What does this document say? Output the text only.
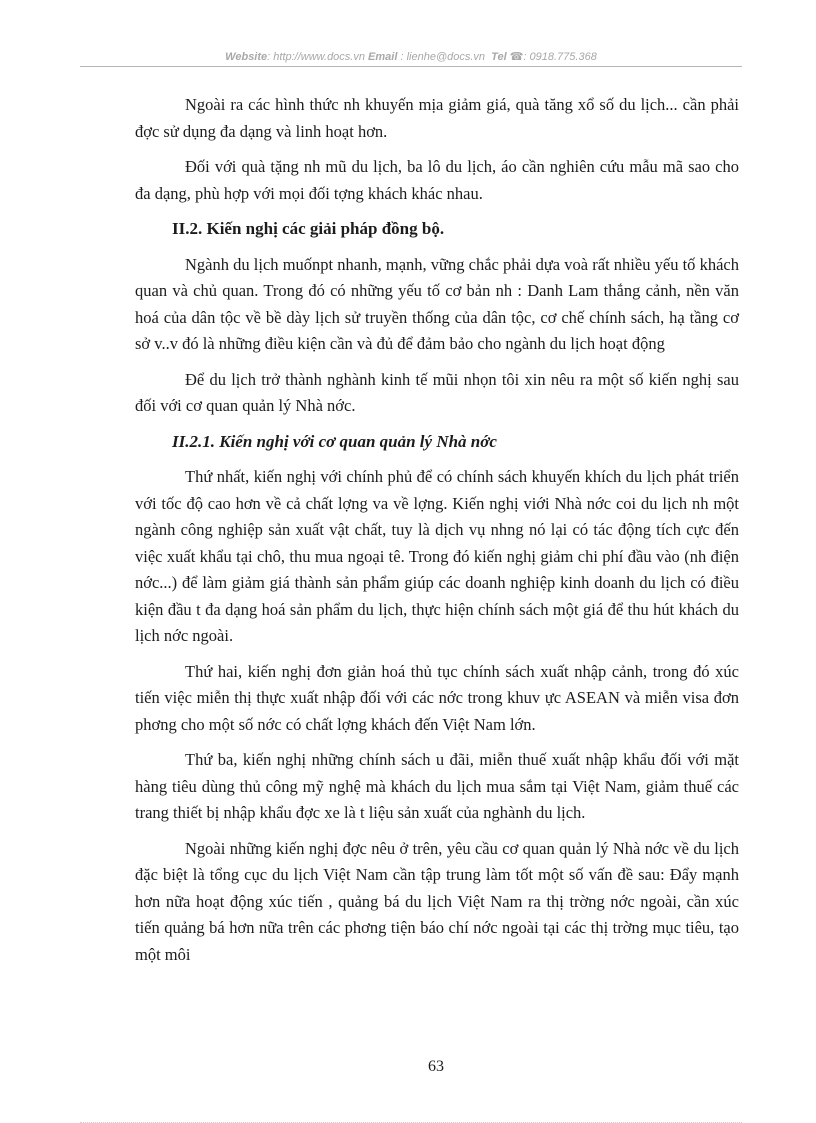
Website: http://www.docs.vn Email : lienhe@docs.vn Tel ☎: 0918.775.368

Ngoài ra các hình thức nh khuyến mịa giảm giá, quà tăng xổ số du lịch... cần phải đợc sử dụng đa dạng và linh hoạt hơn.

Đối với quà tặng nh mũ du lịch, ba lô du lịch, áo cần nghiên cứu mẫu mã sao cho đa dạng, phù hợp với mọi đối tợng khách khác nhau.

II.2. Kiến nghị các giải pháp đồng bộ.

Ngành du lịch muốnpt nhanh, mạnh, vững chắc phải dựa voà rất nhiều yếu tố khách quan và chủ quan. Trong đó có những yếu tố cơ bản nh : Danh Lam thắng cảnh, nền văn hoá của dân tộc về bề dày lịch sử truyền thống của dân tộc, cơ chế chính sách, hạ tầng cơ sở v..v đó là những điều kiện cần và đủ để đảm bảo cho ngành du lịch hoạt động

Để du lịch trở thành nghành kinh tế mũi nhọn tôi xin nêu ra một số kiến nghị sau đối với cơ quan quản lý Nhà nớc.

II.2.1. Kiến nghị với cơ quan quản lý Nhà nớc

Thứ nhất, kiến nghị với chính phủ để có chính sách khuyến khích du lịch phát triển với tốc độ cao hơn về cả chất lợng va về lợng. Kiến nghị viới Nhà nớc coi du lịch nh một ngành công nghiệp sản xuất vật chất, tuy là dịch vụ nhng nó lại có tác động tích cực đến việc xuất khẩu tại chô, thu mua ngoại tê. Trong đó kiến nghị giảm chi phí đầu vào (nh điện nớc...) để làm giảm giá thành sản phẩm giúp các doanh nghiệp kinh doanh du lịch có điều kiện đầu t đa dạng hoá sản phẩm du lịch, thực hiện chính sách một giá để thu hút khách du lịch nớc ngoài.

Thứ hai, kiến nghị đơn giản hoá thủ tục chính sách xuất nhập cảnh, trong đó xúc tiến việc miễn thị thực xuất nhập đối với các nớc trong khuv ực ASEAN và miễn visa đơn phơng cho một số nớc có chất lợng khách đến Việt Nam lớn.

Thứ ba, kiến nghị những chính sách u đãi, miễn thuế xuất nhập khẩu đối với mặt hàng tiêu dùng thủ công mỹ nghệ mà khách du lịch mua sắm tại Việt Nam, giảm thuế các trang thiết bị nhập khẩu đợc xe là t liệu sản xuất của nghành du lịch.

Ngoài những kiến nghị đợc nêu ở trên, yêu cầu cơ quan quản lý Nhà nớc về du lịch đặc biệt là tổng cục du lịch Việt Nam cần tập trung làm tốt một số vấn đề sau: Đẩy mạnh hơn nữa hoạt động xúc tiến , quảng bá du lịch Việt Nam ra thị trờng nớc ngoài, cần xúc tiến quảng bá hơn nữa trên các phơng tiện báo chí nớc ngoài tại các thị trờng mục tiêu, tạo một môi

63
